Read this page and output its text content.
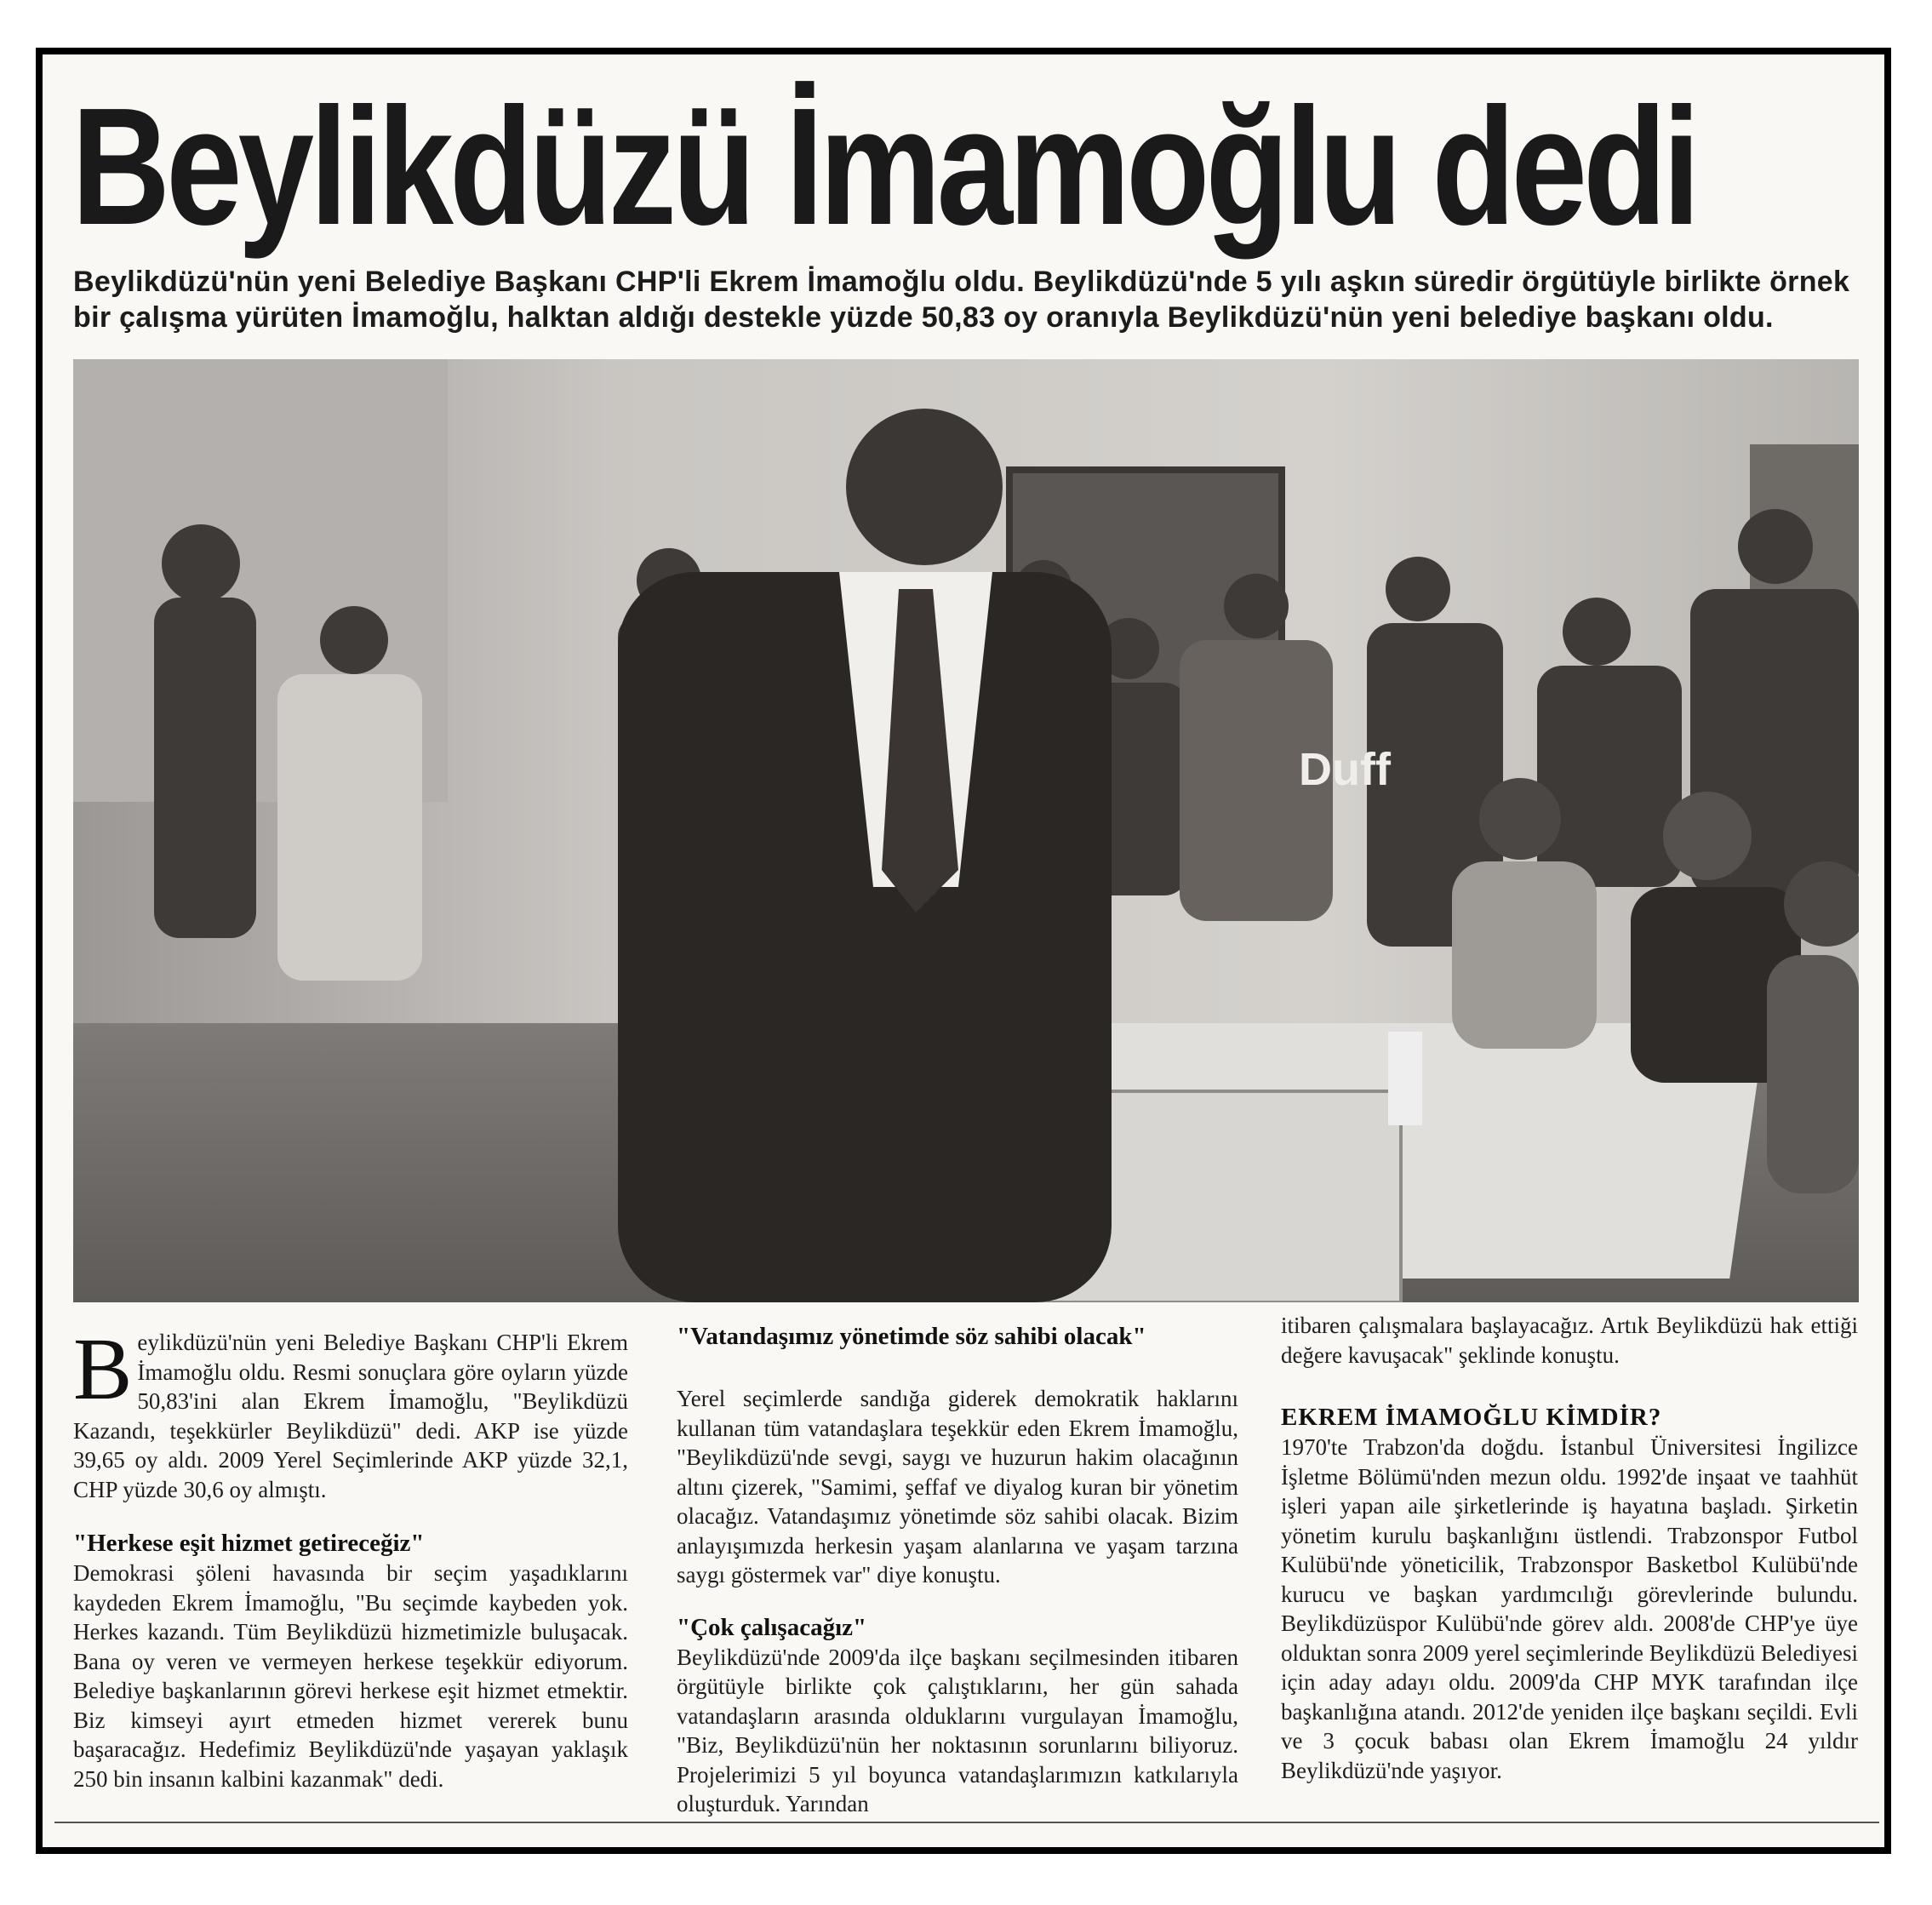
Beylikdüzü İmamoğlu dedi
Beylikdüzü'nün yeni Belediye Başkanı CHP'li Ekrem İmamoğlu oldu. Beylikdüzü'nde 5 yılı aşkın süredir örgütüyle birlikte örnek bir çalışma yürüten İmamoğlu, halktan aldığı destekle yüzde 50,83 oy oranıyla Beylikdüzü'nün yeni belediye başkanı oldu.
Duff

Beylikdüzü'nün yeni Belediye Başkanı CHP'li Ekrem İmamoğlu oldu. Resmi sonuçlara göre oyların yüzde 50,83'ini alan Ekrem İmamoğlu, "Beylikdüzü Kazandı, teşekkürler Beylikdüzü" dedi. AKP ise yüzde 39,65 oy aldı. 2009 Yerel Seçimlerinde AKP yüzde 32,1, CHP yüzde 30,6 oy almıştı.

"Herkese eşit hizmet getireceğiz"

Demokrasi şöleni havasında bir seçim yaşadıklarını kaydeden Ekrem İmamoğlu, "Bu seçimde kaybeden yok. Herkes kazandı. Tüm Beylikdüzü hizmetimizle buluşacak. Bana oy veren ve vermeyen herkese teşekkür ediyorum. Belediye başkanlarının görevi herkese eşit hizmet etmektir. Biz kimseyi ayırt etmeden hizmet vererek bunu başaracağız. Hedefimiz Beylikdüzü'nde yaşayan yaklaşık 250 bin insanın kalbini kazanmak" dedi.

"Vatandaşımız yönetimde söz sahibi olacak"

Yerel seçimlerde sandığa giderek demokratik haklarını kullanan tüm vatandaşlara teşekkür eden Ekrem İmamoğlu, "Beylikdüzü'nde sevgi, saygı ve huzurun hakim olacağının altını çizerek, "Samimi, şeffaf ve diyalog kuran bir yönetim olacağız. Vatandaşımız yönetimde söz sahibi olacak. Bizim anlayışımızda herkesin yaşam alanlarına ve yaşam tarzına saygı göstermek var" diye konuştu.

"Çok çalışacağız"

Beylikdüzü'nde 2009'da ilçe başkanı seçilmesinden itibaren örgütüyle birlikte çok çalıştıklarını, her gün sahada vatandaşların arasında olduklarını vurgulayan İmamoğlu, "Biz, Beylikdüzü'nün her noktasının sorunlarını biliyoruz. Projelerimizi 5 yıl boyunca vatandaşlarımızın katkılarıyla oluşturduk. Yarından

itibaren çalışmalara başlayacağız. Artık Beylikdüzü hak ettiği değere kavuşacak" şeklinde konuştu.

EKREM İMAMOĞLU KİMDİR?

1970'te Trabzon'da doğdu. İstanbul Üniversitesi İngilizce İşletme Bölümü'nden mezun oldu. 1992'de inşaat ve taahhüt işleri yapan aile şirketlerinde iş hayatına başladı. Şirketin yönetim kurulu başkanlığını üstlendi. Trabzonspor Futbol Kulübü'nde yöneticilik, Trabzonspor Basketbol Kulübü'nde kurucu ve başkan yardımcılığı görevlerinde bulundu. Beylikdüzüspor Kulübü'nde görev aldı. 2008'de CHP'ye üye olduktan sonra 2009 yerel seçimlerinde Beylikdüzü Belediyesi için aday adayı oldu. 2009'da CHP MYK tarafından ilçe başkanlığına atandı. 2012'de yeniden ilçe başkanı seçildi. Evli ve 3 çocuk babası olan Ekrem İmamoğlu 24 yıldır Beylikdüzü'nde yaşıyor.
